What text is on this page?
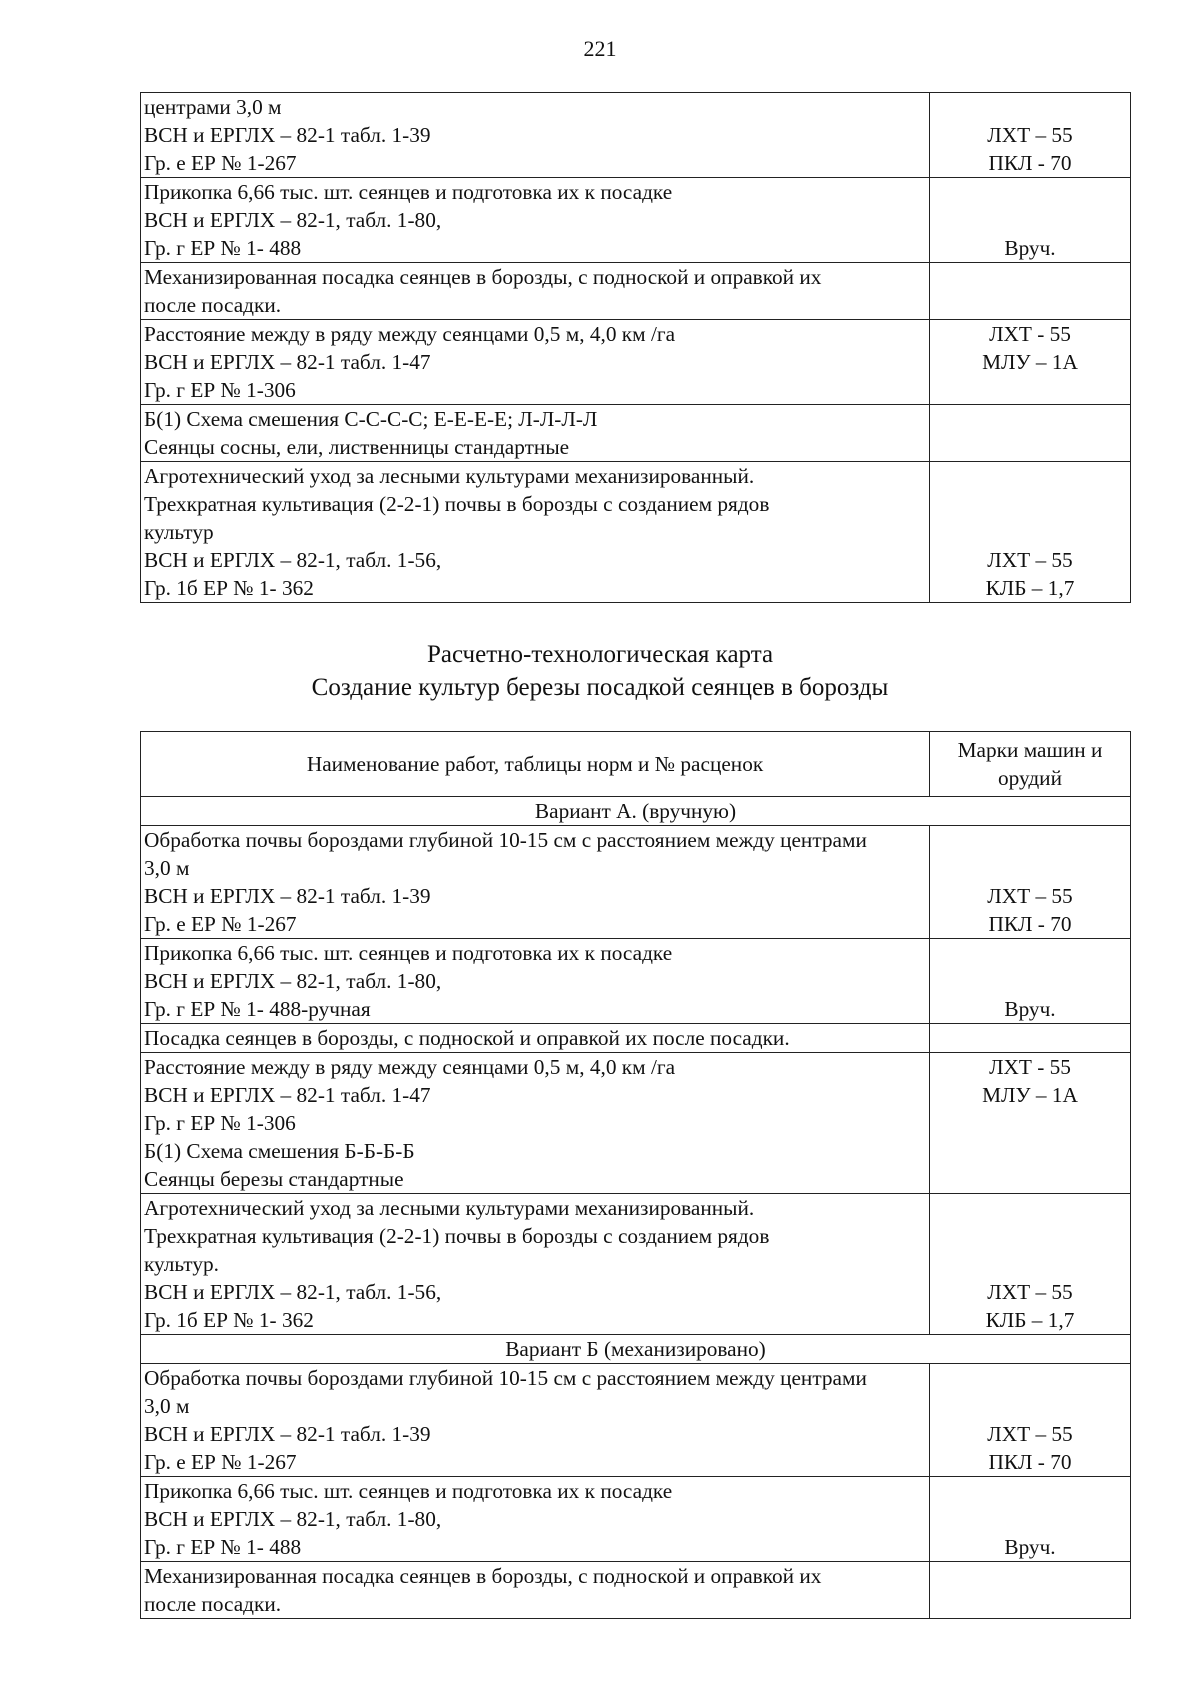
221
центрами 3,0 м
ВСН и ЕРГЛХ – 82-1 табл. 1-39
Гр. е ЕР № 1-267	ЛХТ – 55
ПКЛ - 70

Прикопка 6,66 тыс. шт. сеянцев и подготовка их к посадке
ВСН и ЕРГЛХ – 82-1, табл. 1-80,
Гр. г ЕР № 1- 488	Вруч.

Механизированная посадка сеянцев в борозды, с подноской и оправкой их
после посадки.	

Расстояние между в ряду между сеянцами 0,5 м, 4,0 км /га
ВСН и ЕРГЛХ – 82-1 табл. 1-47
Гр. г ЕР № 1-306	ЛХТ - 55
МЛУ – 1А

Б(1) Схема смешения С-С-С-С; Е-Е-Е-Е; Л-Л-Л-Л
Сеянцы сосны, ели, лиственницы стандартные	

Агротехнический уход за лесными культурами механизированный.
Трехкратная культивация (2-2-1) почвы в борозды с созданием рядов
культур
ВСН и ЕРГЛХ – 82-1, табл. 1-56,
Гр. 1б ЕР № 1- 362	ЛХТ – 55
КЛБ – 1,7
Расчетно-технологическая карта
Создание культур березы посадкой сеянцев в борозды
Наименование работ, таблицы норм и № расценок	Марки машин и
орудий

Вариант А. (вручную)	

Обработка почвы бороздами глубиной 10-15 см с расстоянием между центрами
3,0 м
ВСН и ЕРГЛХ – 82-1 табл. 1-39
Гр. е ЕР № 1-267	ЛХТ – 55
ПКЛ - 70

Прикопка 6,66 тыс. шт. сеянцев и подготовка их к посадке
ВСН и ЕРГЛХ – 82-1, табл. 1-80,
Гр. г ЕР № 1- 488-ручная	Вруч.

Посадка сеянцев в борозды, с подноской и оправкой их после посадки.	

Расстояние между в ряду между сеянцами 0,5 м, 4,0 км /га
ВСН и ЕРГЛХ – 82-1 табл. 1-47
Гр. г ЕР № 1-306
Б(1) Схема смешения Б-Б-Б-Б
Сеянцы березы стандартные	ЛХТ - 55
МЛУ – 1А

Агротехнический уход за лесными культурами механизированный.
Трехкратная культивация (2-2-1) почвы в борозды с созданием рядов
культур.
ВСН и ЕРГЛХ – 82-1, табл. 1-56,
Гр. 1б ЕР № 1- 362	ЛХТ – 55
КЛБ – 1,7

Вариант Б (механизировано)	

Обработка почвы бороздами глубиной 10-15 см с расстоянием между центрами
3,0 м
ВСН и ЕРГЛХ – 82-1 табл. 1-39
Гр. е ЕР № 1-267	ЛХТ – 55
ПКЛ - 70

Прикопка 6,66 тыс. шт. сеянцев и подготовка их к посадке
ВСН и ЕРГЛХ – 82-1, табл. 1-80,
Гр. г ЕР № 1- 488	Вруч.

Механизированная посадка сеянцев в борозды, с подноской и оправкой их
после посадки.	
